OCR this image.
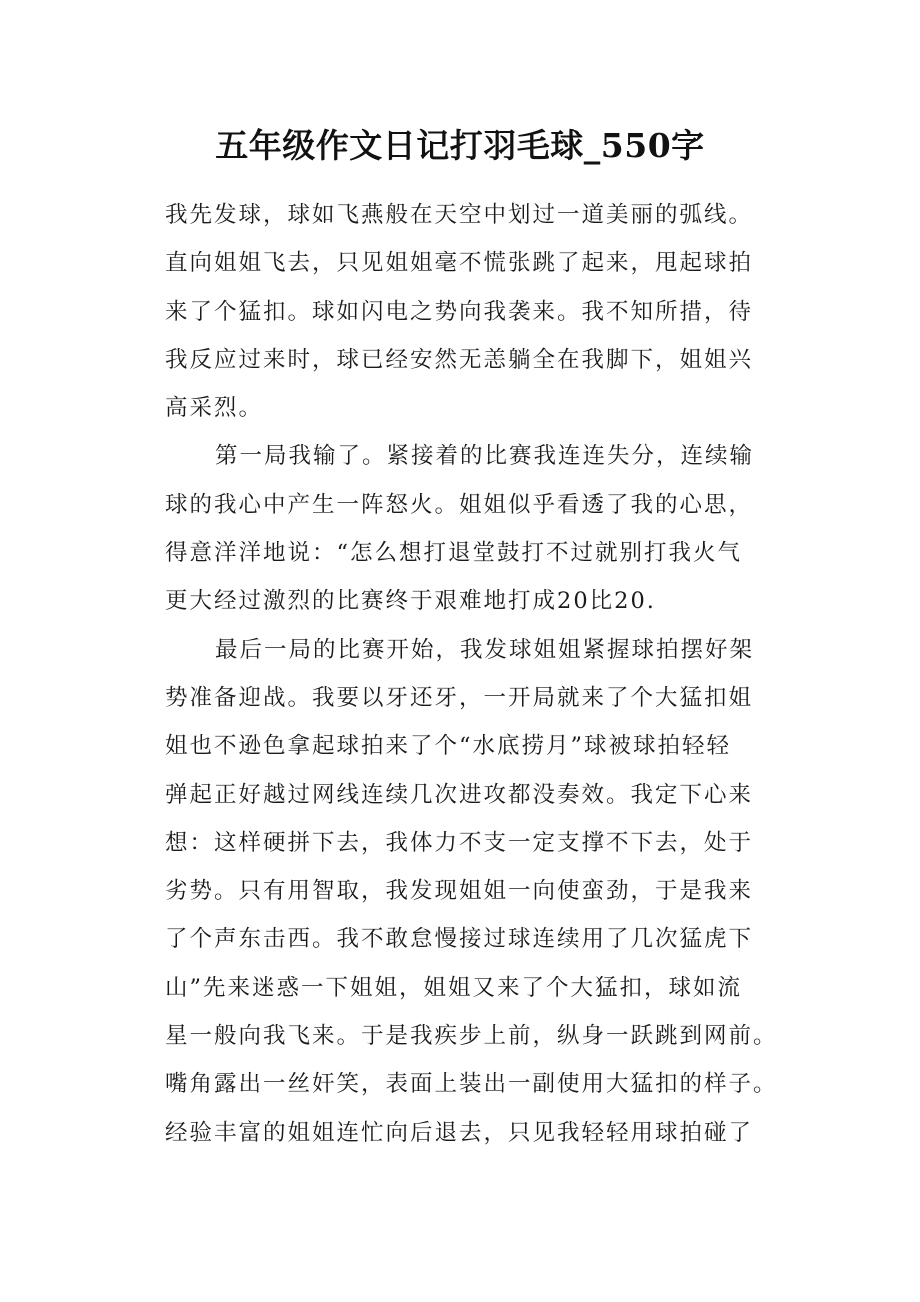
五年级作文日记打羽毛球_550字
我先发球，球如飞燕般在天空中划过一道美丽的弧线。
直向姐姐飞去，只见姐姐毫不慌张跳了起来，甩起球拍
来了个猛扣。球如闪电之势向我袭来。我不知所措，待
我反应过来时，球已经安然无恙躺全在我脚下，姐姐兴
高采烈。
第一局我输了。紧接着的比赛我连连失分，连续输
球的我心中产生一阵怒火。姐姐似乎看透了我的心思，
得意洋洋地说：“怎么想打退堂鼓打不过就别打我火气
更大经过激烈的比赛终于艰难地打成20比20.
最后一局的比赛开始，我发球姐姐紧握球拍摆好架
势准备迎战。我要以牙还牙，一开局就来了个大猛扣姐
姐也不逊色拿起球拍来了个“水底捞月”球被球拍轻轻
弹起正好越过网线连续几次进攻都没奏效。我定下心来
想：这样硬拼下去，我体力不支一定支撑不下去，处于
劣势。只有用智取，我发现姐姐一向使蛮劲，于是我来
了个声东击西。我不敢怠慢接过球连续用了几次猛虎下
山”先来迷惑一下姐姐，姐姐又来了个大猛扣，球如流
星一般向我飞来。于是我疾步上前，纵身一跃跳到网前。
嘴角露出一丝奸笑，表面上装出一副使用大猛扣的样子。
经验丰富的姐姐连忙向后退去，只见我轻轻用球拍碰了
